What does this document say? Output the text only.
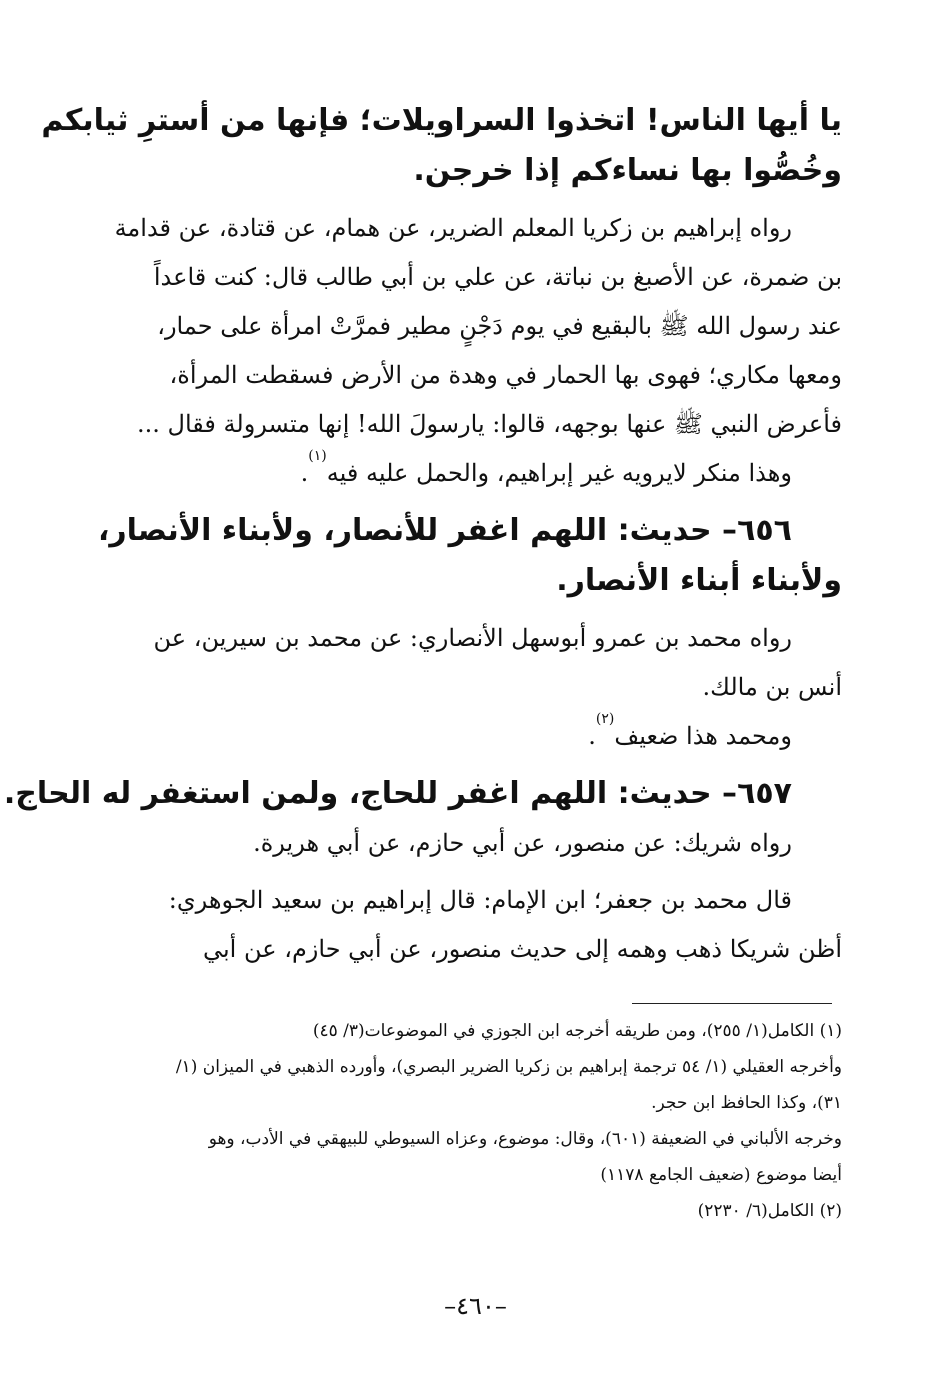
يا أيها الناس! اتخذوا السراويلات؛ فإنها من أسترِ ثيابكم
وخُصُّوا بها نساءكم إذا خرجن.
رواه إبراهيم بن زكريا المعلم الضرير، عن همام، عن قتادة، عن قدامة
بن ضمرة، عن الأصبغ بن نباتة، عن علي بن أبي طالب قال: كنت قاعداً
عند رسول الله ﷺ بالبقيع في يوم دَجْنٍ مطير فمرَّتْ امرأة على حمار،
ومعها مكاري؛ فهوى بها الحمار في وهدة من الأرض فسقطت المرأة،
فأعرض النبي ﷺ عنها بوجهه، قالوا: يارسولَ الله! إنها متسرولة فقال ...
وهذا منكر لايرويه غير إبراهيم، والحمل عليه فيه$^{(١)}$.
٦٥٦– حديث: اللهم اغفر للأنصار، ولأبناء الأنصار،
ولأبناء أبناء الأنصار.
رواه محمد بن عمرو أبوسهل الأنصاري: عن محمد بن سيرين، عن
أنس بن مالك.
ومحمد هذا ضعيف$^{(٢)}$.
٦٥٧– حديث: اللهم اغفر للحاج، ولمن استغفر له الحاج.
رواه شريك: عن منصور، عن أبي حازم، عن أبي هريرة.
قال محمد بن جعفر؛ ابن الإمام: قال إبراهيم بن سعيد الجوهري:
أظن شريكا ذهب وهمه إلى حديث منصور، عن أبي حازم، عن أبي
(١) الكامل(١/ ٢٥٥)، ومن طريقه أخرجه ابن الجوزي في الموضوعات(٣/ ٤٥)
وأخرجه العقيلي (١/ ٥٤ ترجمة إبراهيم بن زكريا الضرير البصري)، وأورده الذهبي في الميزان (١/
٣١)، وكذا الحافظ ابن حجر.
وخرجه الألباني في الضعيفة (٦٠١)، وقال: موضوع، وعزاه السيوطي للبيهقي في الأدب، وهو
أيضا موضوع (ضعيف الجامع ١١٧٨)
(٢) الكامل(٦/ ٢٢٣٠)
–٤٦٠–
